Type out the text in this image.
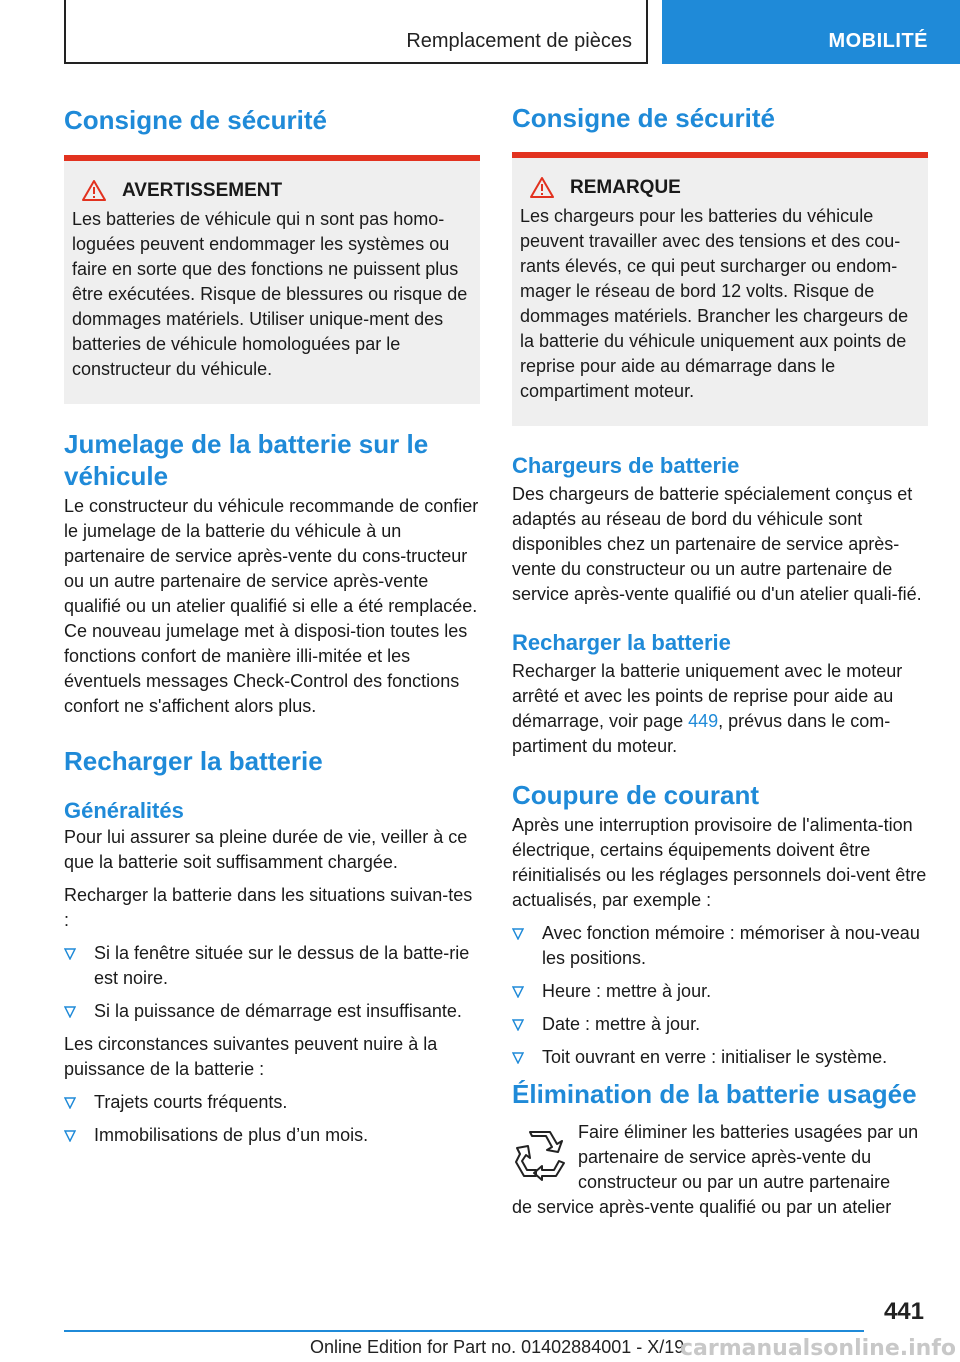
Remplacement de pièces	MOBILITÉ
Consigne de sécurité
AVERTISSEMENT
Les batteries de véhicule qui n sont pas homo-loguées peuvent endommager les systèmes ou faire en sorte que des fonctions ne puissent plus être exécutées. Risque de blessures ou risque de dommages matériels. Utiliser unique-ment des batteries de véhicule homologuées par le constructeur du véhicule.
Jumelage de la batterie sur le véhicule

Le constructeur du véhicule recommande de confier le jumelage de la batterie du véhicule à un partenaire de service après-vente du cons-tructeur ou un autre partenaire de service après-vente qualifié ou un atelier qualifié si elle a été remplacée. Ce nouveau jumelage met à disposi-tion toutes les fonctions confort de manière illi-mitée et les éventuels messages Check-Control des fonctions confort ne s'affichent alors plus.

Recharger la batterie
Généralités

Pour lui assurer sa pleine durée de vie, veiller à ce que la batterie soit suffisamment chargée.

Recharger la batterie dans les situations suivan-tes :

Si la fenêtre située sur le dessus de la batte-rie est noire.
Si la puissance de démarrage est insuffisante.

Les circonstances suivantes peuvent nuire à la puissance de la batterie :

Trajets courts fréquents.
Immobilisations de plus d’un mois.
Consigne de sécurité
REMARQUE
Les chargeurs pour les batteries du véhicule peuvent travailler avec des tensions et des cou-rants élevés, ce qui peut surcharger ou endom-mager le réseau de bord 12 volts. Risque de dommages matériels. Brancher les chargeurs de la batterie du véhicule uniquement aux points de reprise pour aide au démarrage dans le compartiment moteur.
Chargeurs de batterie

Des chargeurs de batterie spécialement conçus et adaptés au réseau de bord du véhicule sont disponibles chez un partenaire de service après-vente du constructeur ou un autre partenaire de service après-vente qualifié ou d'un atelier quali-fié.

Recharger la batterie

Recharger la batterie uniquement avec le moteur arrêté et avec les points de reprise pour aide au démarrage, voir page 449, prévus dans le com-partiment du moteur.

Coupure de courant

Après une interruption provisoire de l'alimenta-tion électrique, certains équipements doivent être réinitialisés ou les réglages personnels doi-vent être actualisés, par exemple :

Avec fonction mémoire : mémoriser à nou-veau les positions.
Heure : mettre à jour.
Date : mettre à jour.
Toit ouvrant en verre : initialiser le système.
Élimination de la batterie usagée

Faire éliminer les batteries usagées par un partenaire de service après-vente du constructeur ou par un autre partenaire

de service après-vente qualifié ou par un atelier

441
Online Edition for Part no. 01402884001 - X/19
carmanualsonline.info
